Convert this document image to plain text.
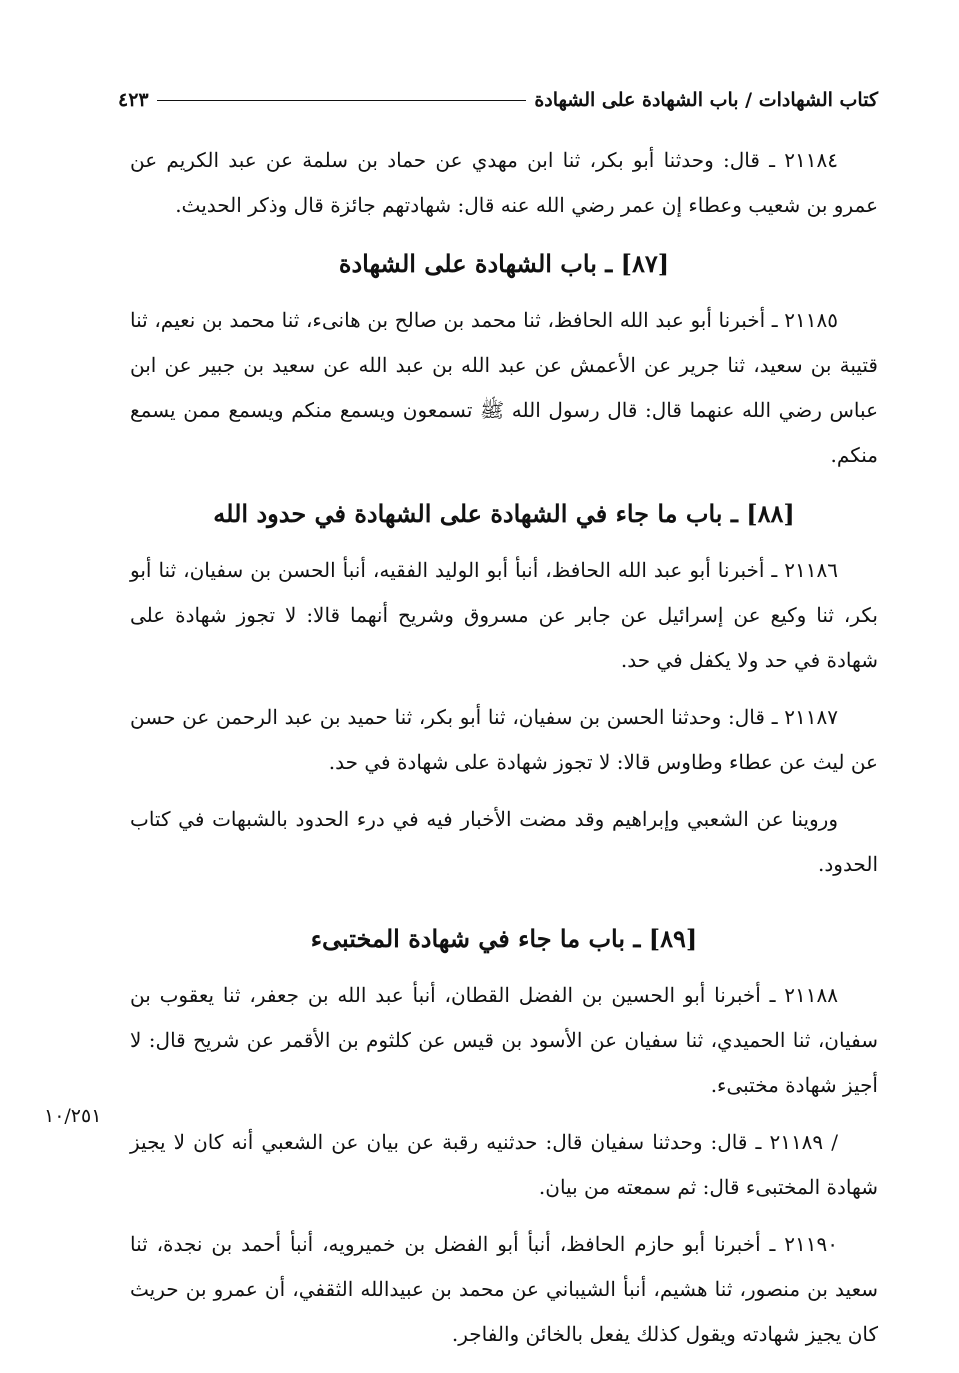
كتاب الشهادات / باب الشهادة على الشهادة
٤٢٣

٢١١٨٤ ـ قال: وحدثنا أبو بكر، ثنا ابن مهدي عن حماد بن سلمة عن عبد الكريم عن عمرو بن شعيب وعطاء إن عمر رضي الله عنه قال: شهادتهم جائزة قال وذكر الحديث.

[٨٧] ـ باب الشهادة على الشهادة

٢١١٨٥ ـ أخبرنا أبو عبد الله الحافظ، ثنا محمد بن صالح بن هانىء، ثنا محمد بن نعيم، ثنا قتيبة بن سعيد، ثنا جرير عن الأعمش عن عبد الله بن عبد الله عن سعيد بن جبير عن ابن عباس رضي الله عنهما قال: قال رسول الله ﷺ تسمعون ويسمع منكم ويسمع ممن يسمع منكم.

[٨٨] ـ باب ما جاء في الشهادة على الشهادة في حدود الله

٢١١٨٦ ـ أخبرنا أبو عبد الله الحافظ، أنبأ أبو الوليد الفقيه، أنبأ الحسن بن سفيان، ثنا أبو بكر، ثنا وكيع عن إسرائيل عن جابر عن مسروق وشريح أنهما قالا: لا تجوز شهادة على شهادة في حد ولا يكفل في حد.

٢١١٨٧ ـ قال: وحدثنا الحسن بن سفيان، ثنا أبو بكر، ثنا حميد بن عبد الرحمن عن حسن عن ليث عن عطاء وطاوس قالا: لا تجوز شهادة على شهادة في حد.

وروينا عن الشعبي وإبراهيم وقد مضت الأخبار فيه في درء الحدود بالشبهات في كتاب الحدود.

[٨٩] ـ باب ما جاء في شهادة المختبىء

٢١١٨٨ ـ أخبرنا أبو الحسين بن الفضل القطان، أنبأ عبد الله بن جعفر، ثنا يعقوب بن سفيان، ثنا الحميدي، ثنا سفيان عن الأسود بن قيس عن كلثوم بن الأقمر عن شريح قال: لا أجيز شهادة مختبىء.

/ ٢١١٨٩ ـ قال: وحدثنا سفيان قال: حدثنيه رقبة عن بيان عن الشعبي أنه كان لا يجيز شهادة المختبىء قال: ثم سمعته من بيان.

٢١١٩٠ ـ أخبرنا أبو حازم الحافظ، أنبأ أبو الفضل بن خميرويه، أنبأ أحمد بن نجدة، ثنا سعيد بن منصور، ثنا هشيم، أنبأ الشيباني عن محمد بن عبيدالله الثقفي، أن عمرو بن حريث كان يجيز شهادته ويقول كذلك يفعل بالخائن والفاجر.

١٠/٢٥١
